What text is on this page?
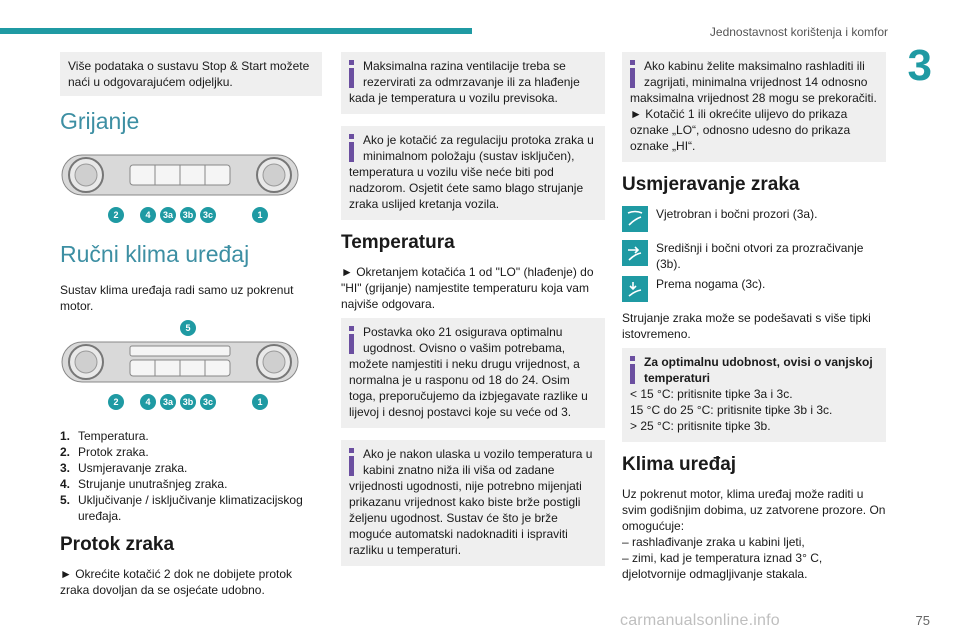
Jednostavnost korištenja i komfor
3
Više podataka o sustavu Stop & Start možete naći u odgovarajućem odjeljku.
Grijanje
2	4	3a	3b	3c	1
Ručni klima uređaj

Sustav klima uređaja radi samo uz pokrenut motor.

5
2	4	3a	3b	3c	1
1. Temperatura.
2. Protok zraka.
3. Usmjeravanje zraka.
4. Strujanje unutrašnjeg zraka.
5. Uključivanje / isključivanje klimatizacijskog uređaja.
Protok zraka

► Okrećite kotačić 2 dok ne dobijete protok zraka dovoljan da se osjećate udobno.

Maksimalna razina ventilacije treba se rezervirati za odmrzavanje ili za hlađenje kada je temperatura u vozilu previsoka.
Ako je kotačić za regulaciju protoka zraka u minimalnom položaju (sustav isključen), temperatura u vozilu više neće biti pod nadzorom. Osjetit ćete samo blago strujanje zraka uslijed kretanja vozila.
Temperatura

► Okretanjem kotačića 1 od "LO" (hlađenje) do "HI" (grijanje) namjestite temperaturu koja vam najviše odgovara.

Postavka oko 21 osigurava optimalnu ugodnost. Ovisno o vašim potrebama, možete namjestiti i neku drugu vrijednost, a normalna je u rasponu od 18 do 24. Osim toga, preporučujemo da izbjegavate razlike u lijevoj i desnoj postavci koje su veće od 3.
Ako je nakon ulaska u vozilo temperatura u kabini znatno niža ili viša od zadane vrijednosti ugodnosti, nije potrebno mijenjati prikazanu vrijednost kako biste brže postigli željenu ugodnost. Sustav će što je brže moguće automatski nadoknaditi i ispraviti razliku u temperaturi.
Ako kabinu želite maksimalno rashladiti ili zagrijati, minimalna vrijednost 14 odnosno maksimalna vrijednost 28 mogu se prekoračiti.
► Kotačić 1 ili okrećite ulijevo do prikaza oznake „LO“, odnosno udesno do prikaza oznake „HI“.
Usmjeravanje zraka
Vjetrobran i bočni prozori (3a).
Središnji i bočni otvori za prozračivanje (3b).
Prema nogama (3c).

Strujanje zraka može se podešavati s više tipki istovremeno.

Za optimalnu udobnost, ovisi o vanjskoj temperaturi
< 15 °C: pritisnite tipke 3a i 3c.
15 °C do 25 °C: pritisnite tipke 3b i 3c.
> 25 °C: pritisnite tipke 3b.
Klima uređaj

Uz pokrenut motor, klima uređaj može raditi u svim godišnjim dobima, uz zatvorene prozore. On omogućuje:

– rashlađivanje zraka u kabini ljeti,

– zimi, kad je temperatura iznad 3° C, djelotvornije odmagljivanje stakala.

carmanualsonline.info	75
